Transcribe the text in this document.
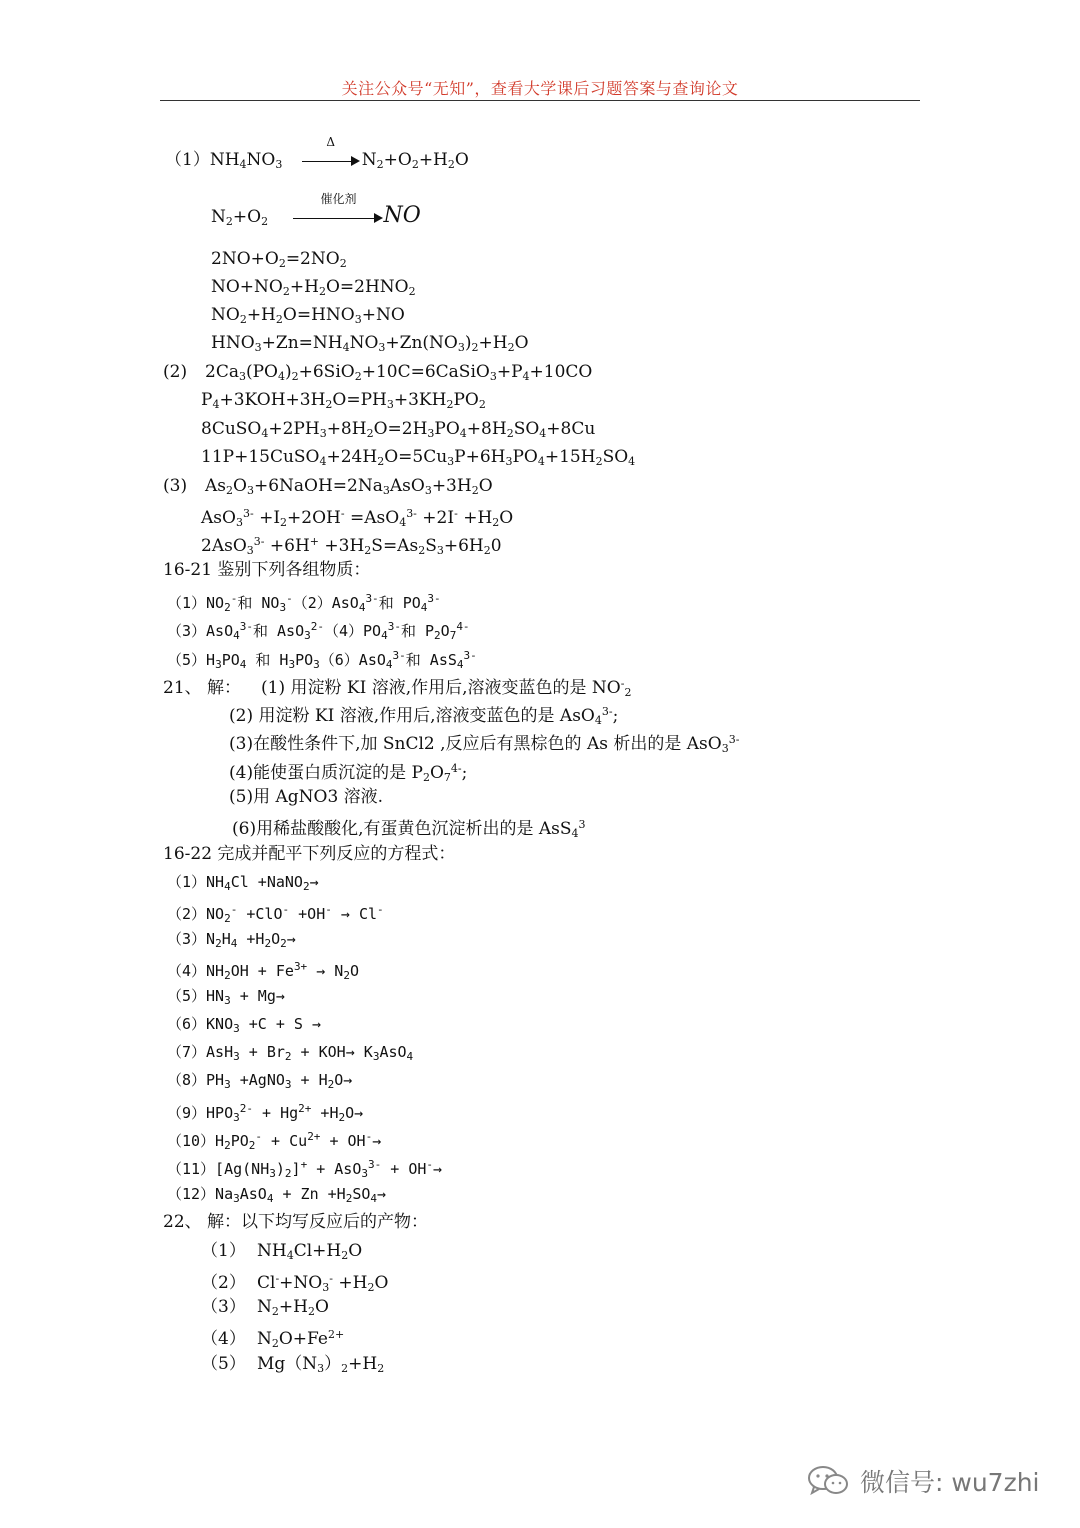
关注公众号“无知”，查看大学课后习题答案与查询论文
$(1)NH_4NO_3$
Δ
$N_2+O_2+H_2O$
$N_2+O_2$
催化剂
NO
$2NO+O_2=2NO_2$
$NO+NO_2+H_2O=2HNO_2$
$NO_2+H_2O=HNO_3+NO$
$HNO_3+Zn=NH_4NO_3+Zn(NO_3)_2+H_2O$
(2) $2Ca_3(PO_4)_2+6SiO_2+10C=6CaSiO_3+P_4+10CO$
$P_4+3KOH+3H_2O=PH_3+3KH_2PO_2$
$8CuSO_4+2PH_3+8H_2O=2H_3PO_4+8H_2SO_4+8Cu$
$11P+15CuSO_4+24H_2O=5Cu_3P+6H_3PO_4+15H_2SO_4$
(3) $As_2O_3+6NaOH=2Na_3AsO_3+3H_2O$
$AsO_3^{3-} +I_2+2OH^- =AsO_4^{3-} +2I^- +H_2O$
$2AsO_3^{3-} +6H^+ +3H_2S=As_2S_3+6H_20$
16-21 鉴别下列各组物质：
$(1)NO_2^-$和 $NO_3^-(2)AsO_4^{3-}$和 $PO_4^{3-}$
（3）AsO$_4^{3-}$和 $AsO_3^{2-}(4)PO_4^{3-}$和 $P_2O_7^{4-}$
$(5)H_3PO_4$ 和 $H_3PO_3(6)AsO_4^{3-}$和 AsS$_4^{3-}$
21、 解： (1) 用淀粉 KI 溶液,作用后,溶液变蓝色的是 $NO^-_2$
(2) 用淀粉 KI 溶液,作用后,溶液变蓝色的是 AsO$_4^{3-}$;
(3)在酸性条件下,加 SnCl2 ,反应后有黑棕色的 As 析出的是 AsO$_3^{3-}$
(4)能使蛋白质沉淀的是 $P_2O_7^{4-}$;
(5)用 AgNO3 溶液.
(6)用稀盐酸酸化,有蛋黄色沉淀析出的是 AsS$_4^3$
16-22 完成并配平下列反应的方程式：
$(1)NH_4Cl$ +NaNO$_2$→
$(2)NO_2^- +ClO^- +OH^- \to Cl^-$
$(3)N_2H_4 +H_2O_2\to$
$(4)NH_2OH + Fe^{3+} \to N_2O$
$(5)HN_3 + Mg\to$
$(6)KNO_3 +C + S$ →
$(7)AsH_3 + Br_2 + KOH\to K_3AsO_4$
$(8)PH_3$ +AgNO$_3$ + $H_2O\to$
$(9)HPO_3^{2-} + Hg^{2+} +H_2O\to$
$(10)H_2PO_2^- + Cu^{2+} + OH^-\to$
$(11)[Ag(NH_3)_2]^+ + AsO_3^{3-} + OH^-\to$
$(12)Na_3AsO_4 + Zn +H_2SO_4\to$
22、 解：以下均写反应后的产物：
（1） $NH_4Cl+H_2O$
（2） $Cl^-+NO_3^- +H_2O$
（3） $N_2+H_2O$
（4） $N_2O+Fe^{2+}$
（5） $Mg(N_3)_2+H_2$
微信号: wu7zhi
